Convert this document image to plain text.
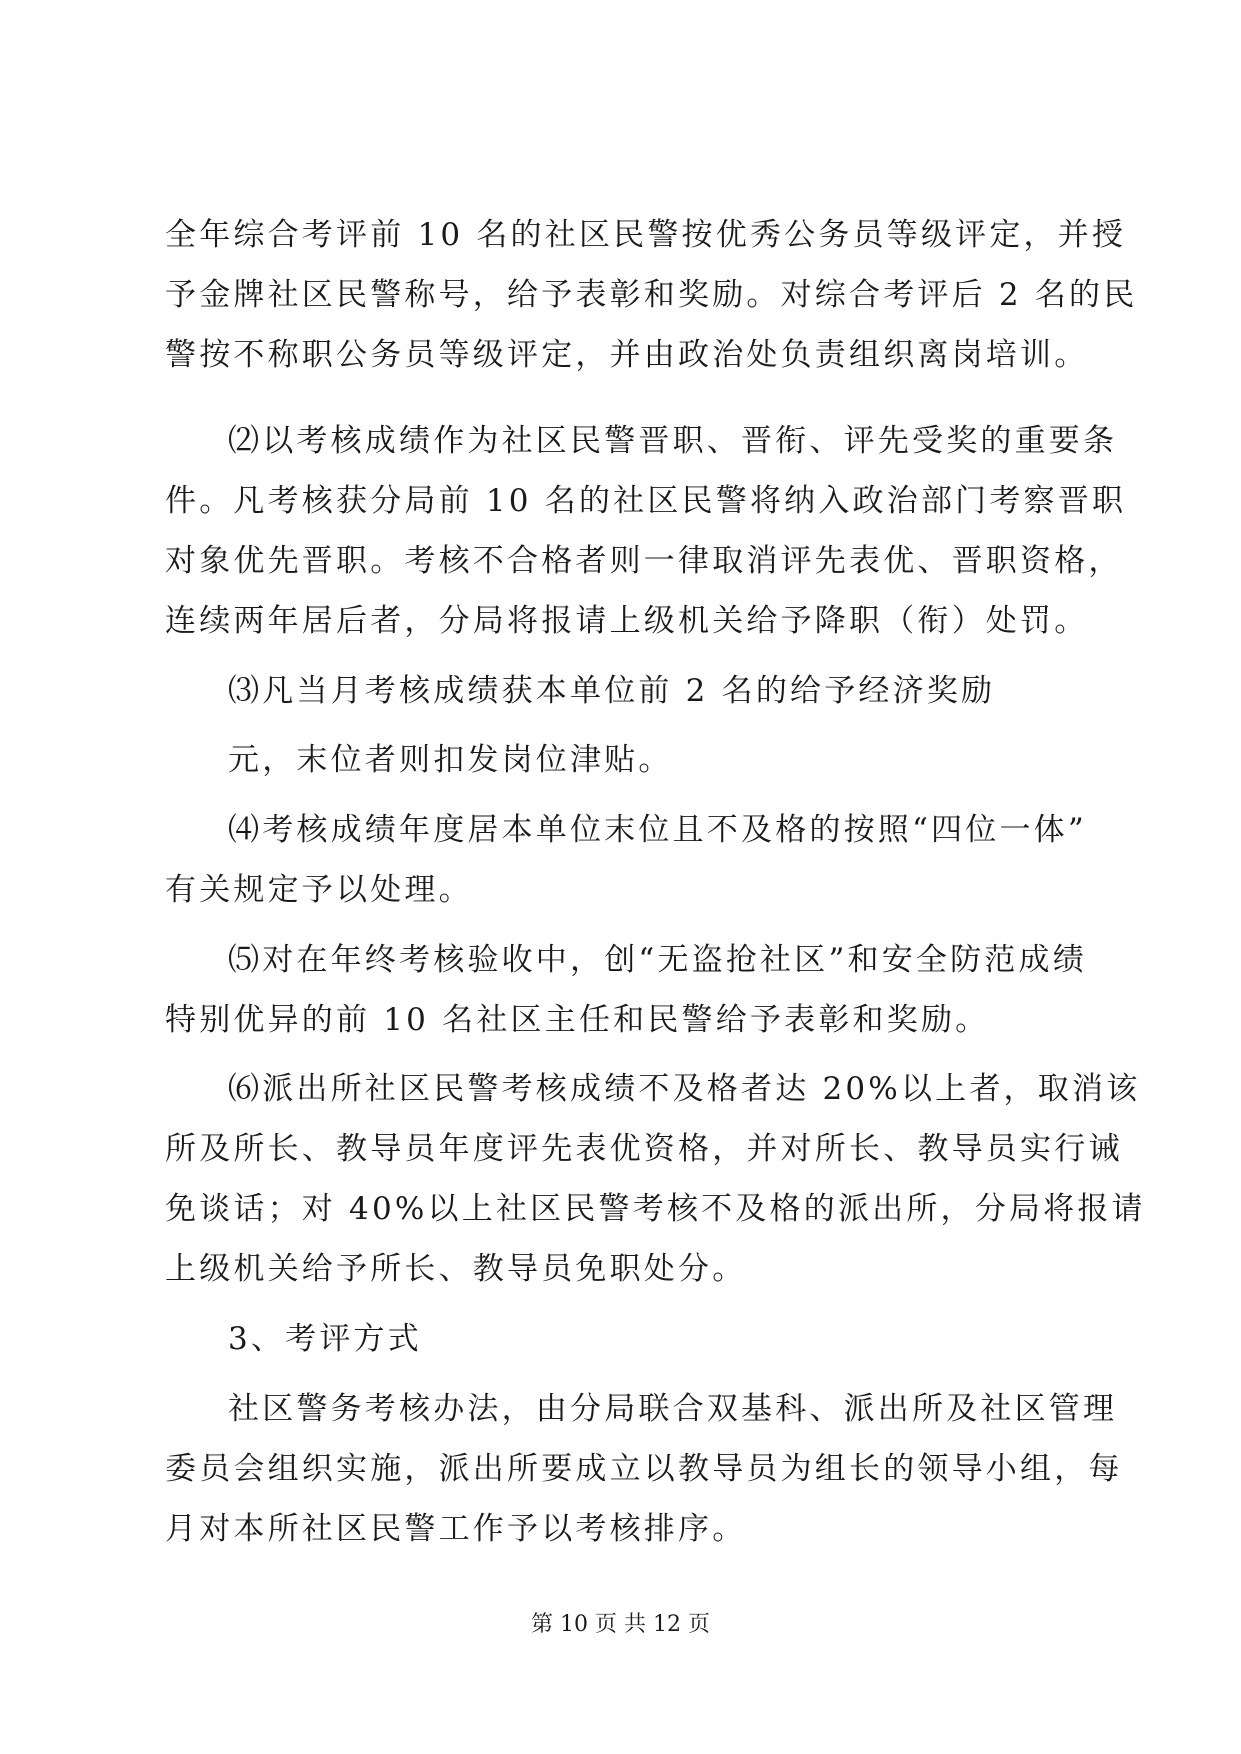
全年综合考评前 10 名的社区民警按优秀公务员等级评定，并授
予金牌社区民警称号，给予表彰和奖励。对综合考评后 2 名的民
警按不称职公务员等级评定，并由政治处负责组织离岗培训。
⑵以考核成绩作为社区民警晋职、晋衔、评先受奖的重要条
件。凡考核获分局前 10 名的社区民警将纳入政治部门考察晋职
对象优先晋职。考核不合格者则一律取消评先表优、晋职资格，
连续两年居后者，分局将报请上级机关给予降职（衔）处罚。
⑶凡当月考核成绩获本单位前 2 名的给予经济奖励
元，末位者则扣发岗位津贴。
⑷考核成绩年度居本单位末位且不及格的按照“四位一体”
有关规定予以处理。
⑸对在年终考核验收中，创“无盗抢社区”和安全防范成绩
特别优异的前 10 名社区主任和民警给予表彰和奖励。
⑹派出所社区民警考核成绩不及格者达 20%以上者，取消该
所及所长、教导员年度评先表优资格，并对所长、教导员实行诫
免谈话；对 40%以上社区民警考核不及格的派出所，分局将报请
上级机关给予所长、教导员免职处分。
3、考评方式
社区警务考核办法，由分局联合双基科、派出所及社区管理
委员会组织实施，派出所要成立以教导员为组长的领导小组，每
月对本所社区民警工作予以考核排序。
第 10 页 共 12 页
